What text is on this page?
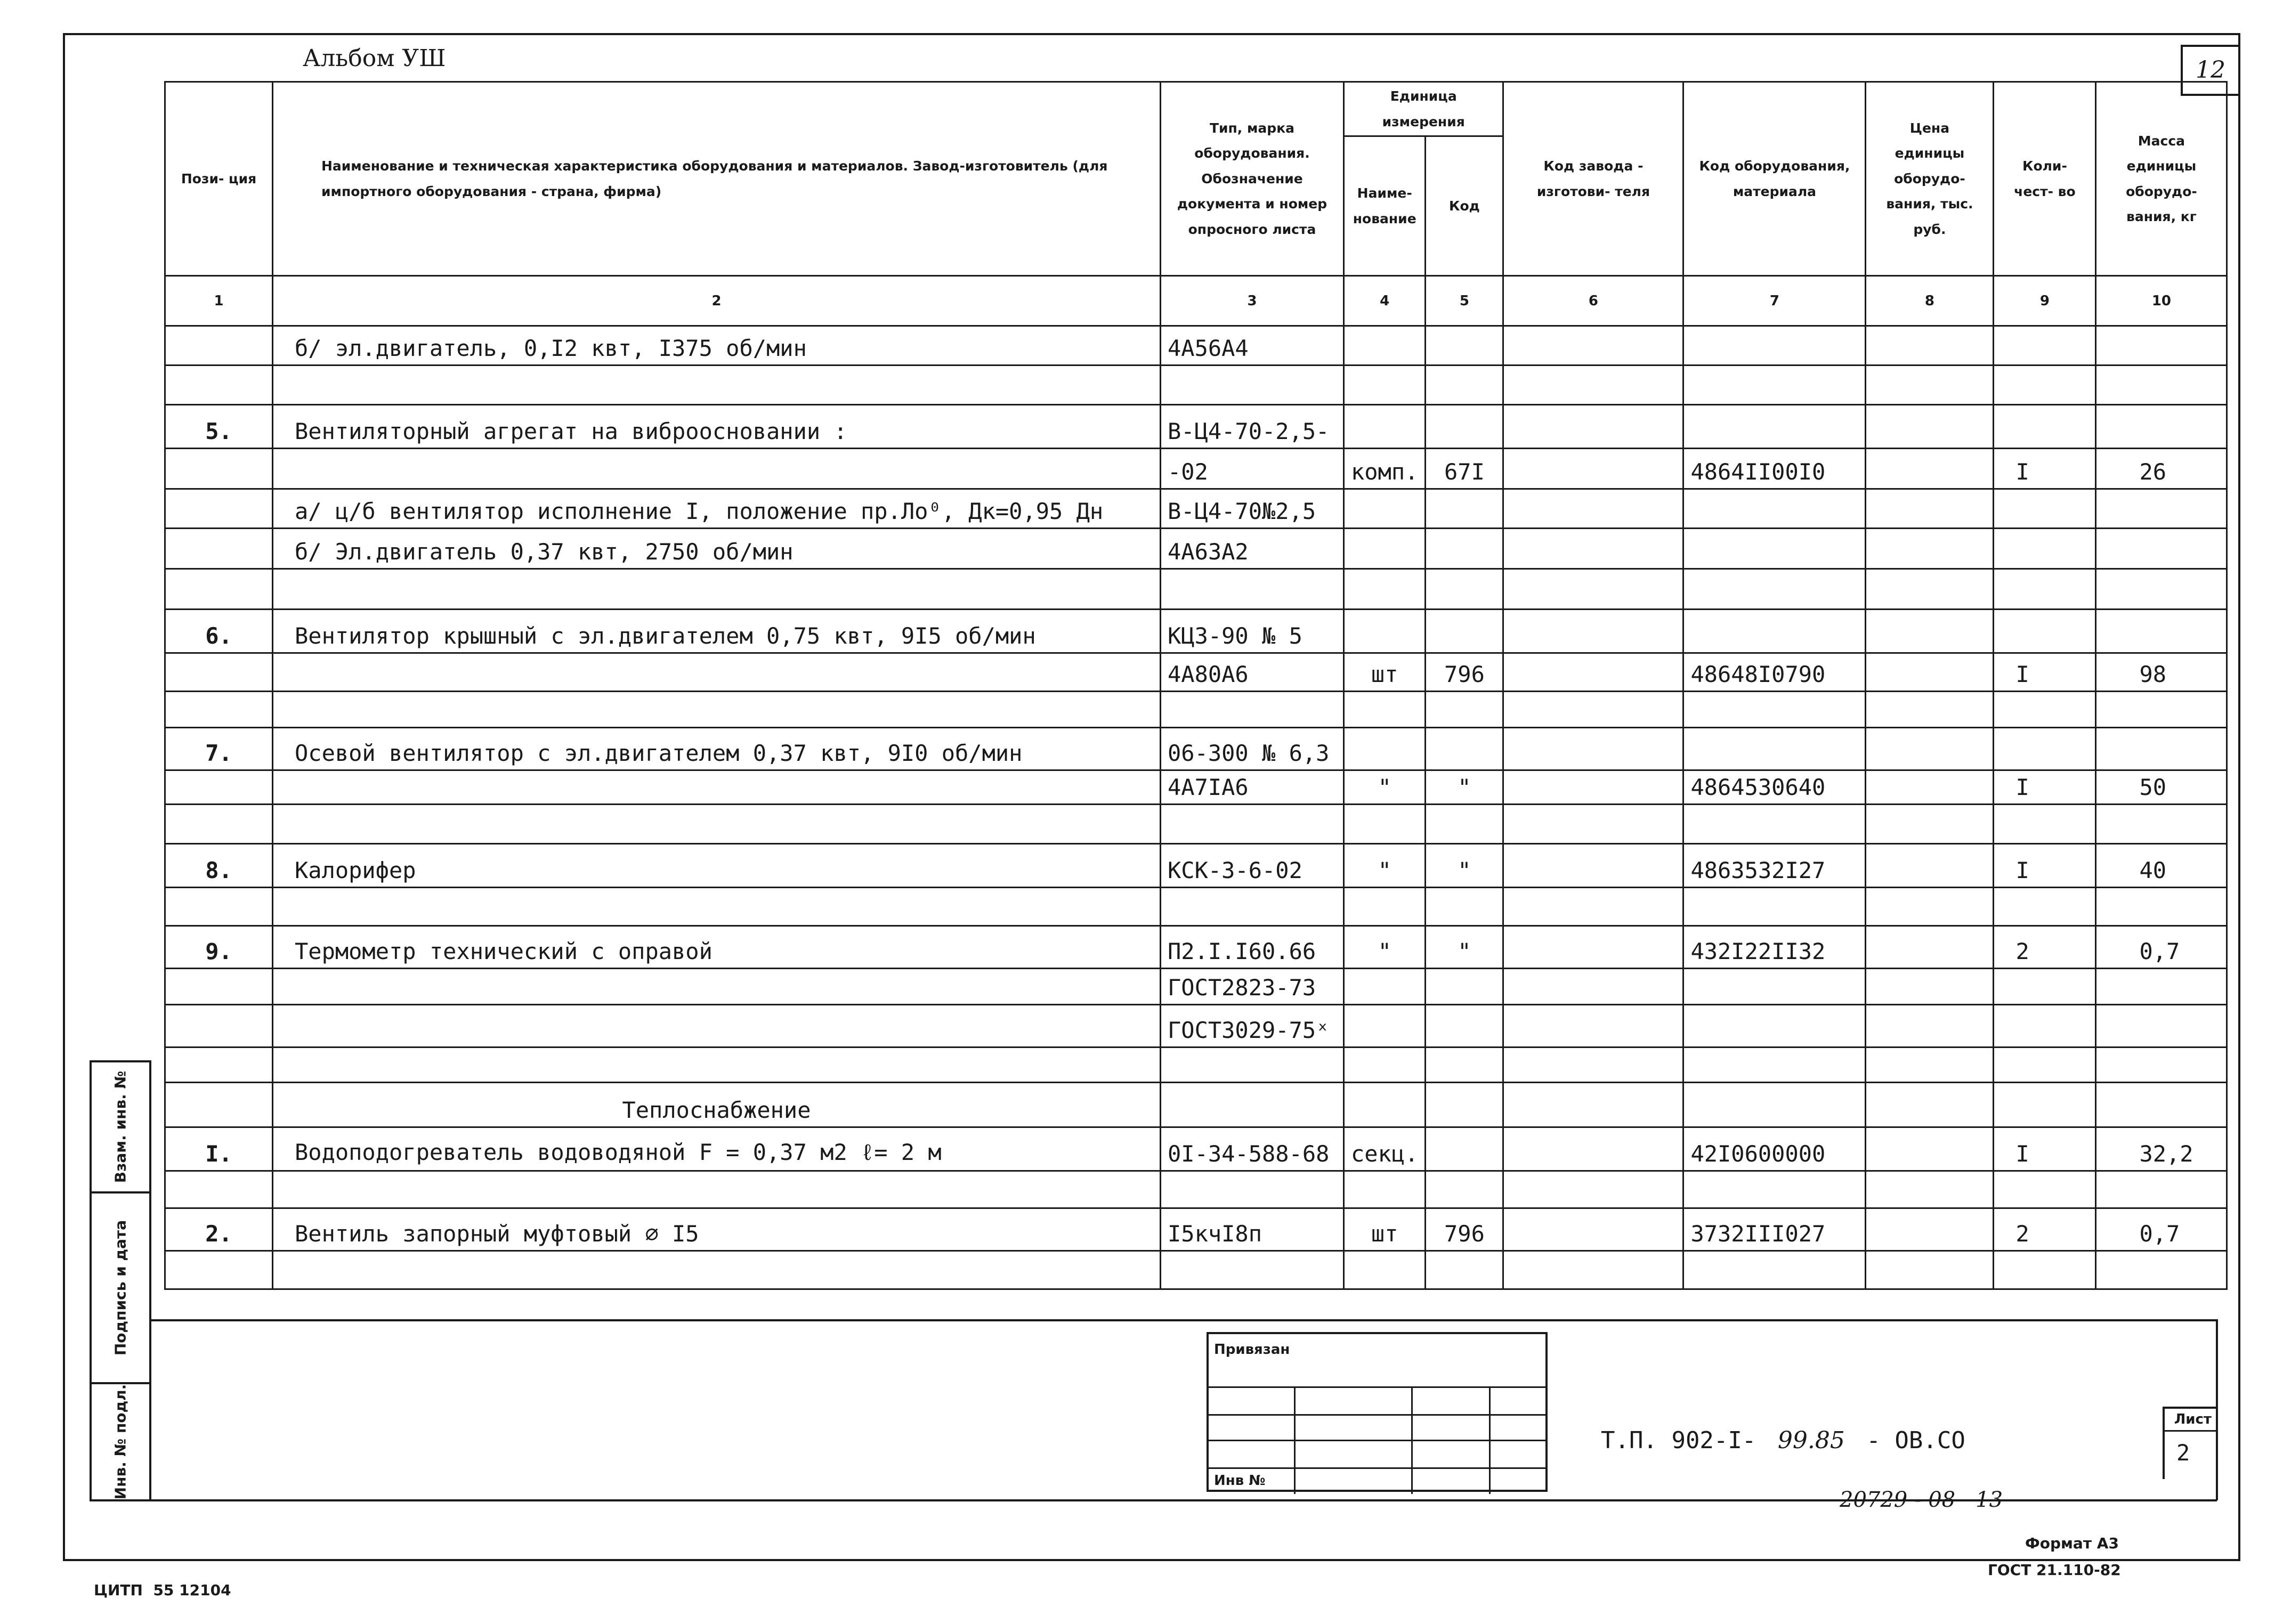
Альбом УШ	12
Пози- ция	Наименование и техническая характеристика оборудования и материалов. Завод-изготовитель (для импортного оборудования - страна, фирма)	Тип, марка оборудования. Обозначение документа и номер опросного листа	Единица измерения		Код завода - изготови- теля	Код оборудования, материала	Цена единицы оборудо- вания, тыс. руб.	Коли- чест- во	Масса единицы оборудо- вания, кг
			Наиме- нование	Код					
1	2	3	4	5	6	7	8	9	10
	б/ эл.двигатель, 0,I2 квт, I375 об/мин	4А56А4							

5.	Вентиляторный агрегат на виброосновании :	В-Ц4-70-2,5-							
		-02	комп.	67I		4864II00I0		I	26
	а/ ц/б вентилятор исполнение I, положение пр.Ло⁰, Дк=0,95 Дн	В-Ц4-70№2,5							
	б/ Эл.двигатель 0,37 квт, 2750 об/мин	4А63А2							

6.	Вентилятор крышный с эл.двигателем 0,75 квт, 9I5 об/мин	КЦЗ-90 № 5							
		4А80А6	шт	796		48648I0790		I	98

7.	Осевой вентилятор с эл.двигателем 0,37 квт, 9I0 об/мин	06-300 № 6,3							
		4А7IА6	"	"		4864530640		I	50

8.	Калорифер	КСК-3-6-02	"	"		4863532I27		I	40

9.	Термометр технический с оправой	П2.I.I60.66	"	"		432I22II32		2	0,7
		ГОСТ2823-73							
		ГОСТ3029-75ˣ							

	Теплоснабжение								
I.	Водоподогреватель водоводяной F = 0,37 м2 ℓ= 2 м	0I-34-588-68	секц.			42I0600000		I	32,2

2.	Вентиль запорный муфтовый ∅ I5	I5кчI8п	шт	796		3732III027		2	0,7

Взам. инв. №
Подпись и дата
Инв. № подл.
Привязан
Инв №
Т.П. 902-I- 99.85 - ОВ.СО
Лист
2
20729 - 08   13
Формат А3
ГОСТ 21.110-82
ЦИТП  55 12104
